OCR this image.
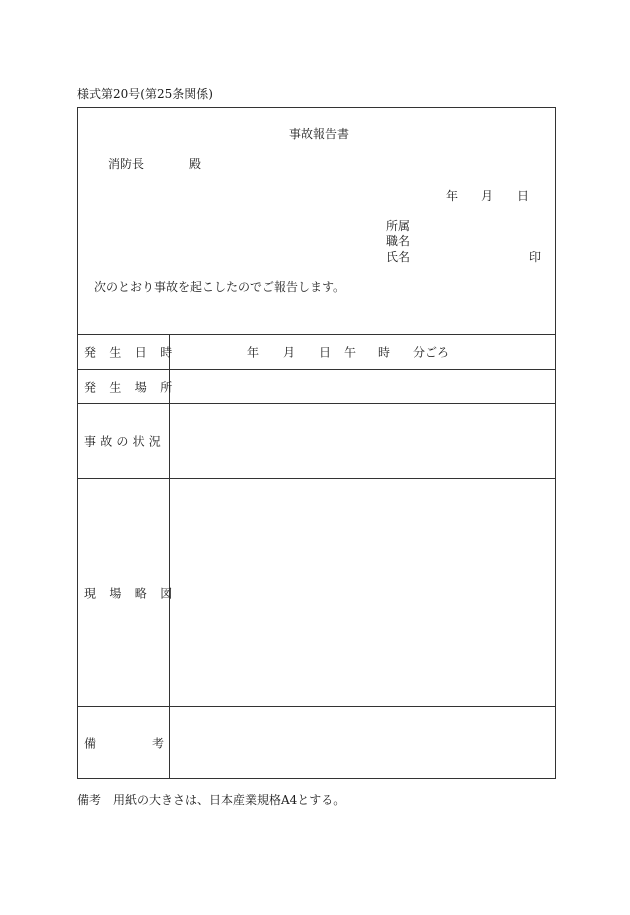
様式第20号(第25条関係)
事故報告書
消防長	殿
年 月 日
所属
職名
氏名	印
次のとおり事故を起こしたのでご報告します。
発生日時	年 月 日 午 時 分ごろ
発生場所
事故の状況
現場略図
備	考
備考　用紙の大きさは、日本産業規格A4とする。
